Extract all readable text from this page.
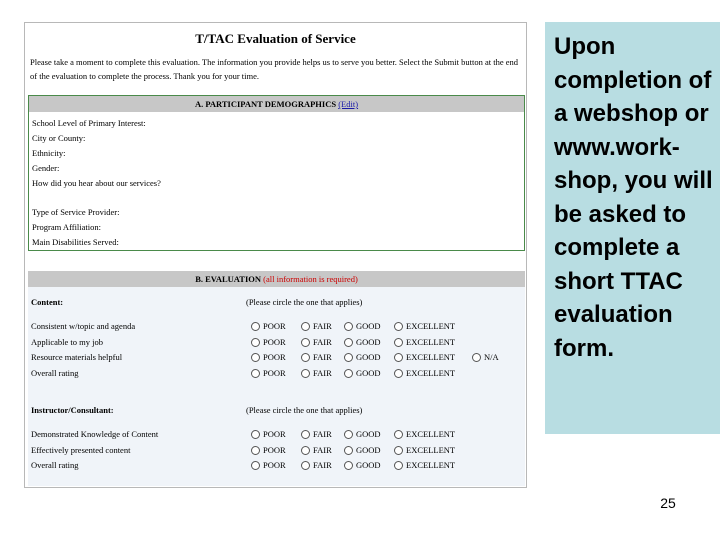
T/TAC Evaluation of Service
Please take a moment to complete this evaluation. The information you provide helps us to serve you better. Select the Submit button at the end of the evaluation to complete the process. Thank you for your time.
A. PARTICIPANT DEMOGRAPHICS (Edit)
School Level of Primary Interest:
City or County:
Ethnicity:
Gender:
How did you hear about our services?
Type of Service Provider:
Program Affiliation:
Main Disabilities Served:
B. EVALUATION (all information is required)
Content:	(Please circle the one that applies)
Consistent w/topic and agenda	POOR	FAIR	GOOD	EXCELLENT
Applicable to my job	POOR	FAIR	GOOD	EXCELLENT
Resource materials helpful	POOR	FAIR	GOOD	EXCELLENT	N/A
Overall rating	POOR	FAIR	GOOD	EXCELLENT
Instructor/Consultant:	(Please circle the one that applies)
Demonstrated Knowledge of Content	POOR	FAIR	GOOD	EXCELLENT
Effectively presented content	POOR	FAIR	GOOD	EXCELLENT
Overall rating	POOR	FAIR	GOOD	EXCELLENT
Upon completion of a webshop or www.work-shop, you will be asked to complete a short TTAC evaluation form.
25
